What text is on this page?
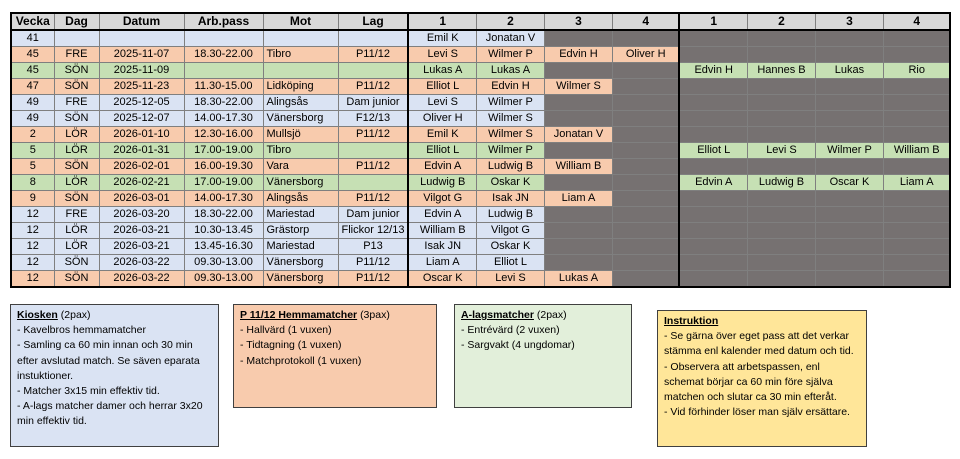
Vecka	Dag	Datum	Arb.pass	Mot	Lag	1	2	3	4	1	2	3	4
41						Emil K	Jonatan V						
45	FRE	2025-11-07	18.30-22.00	Tibro	P11/12	Levi S	Wilmer P	Edvin H	Oliver H				
45	SÖN	2025-11-09				Lukas A	Lukas A			Edvin H	Hannes B	Lukas	Rio
47	SÖN	2025-11-23	11.30-15.00	Lidköping	P11/12	Elliot L	Edvin H	Wilmer S					
49	FRE	2025-12-05	18.30-22.00	Alingsås	Dam junior	Levi S	Wilmer P						
49	SÖN	2025-12-07	14.00-17.30	Vänersborg	F12/13	Oliver H	Wilmer S						
2	LÖR	2026-01-10	12.30-16.00	Mullsjö	P11/12	Emil K	Wilmer S	Jonatan V					
5	LÖR	2026-01-31	17.00-19.00	Tibro		Elliot L	Wilmer P			Elliot L	Levi S	Wilmer P	William B
5	SÖN	2026-02-01	16.00-19.30	Vara	P11/12	Edvin A	Ludwig B	William B					
8	LÖR	2026-02-21	17.00-19.00	Vänersborg		Ludwig B	Oskar K			Edvin A	Ludwig B	Oscar K	Liam A
9	SÖN	2026-03-01	14.00-17.30	Alingsås	P11/12	Vilgot G	Isak JN	Liam A					
12	FRE	2026-03-20	18.30-22.00	Mariestad	Dam junior	Edvin A	Ludwig B						
12	LÖR	2026-03-21	10.30-13.45	Grästorp	Flickor 12/13	William B	Vilgot G						
12	LÖR	2026-03-21	13.45-16.30	Mariestad	P13	Isak JN	Oskar K						
12	SÖN	2026-03-22	09.30-13.00	Vänersborg	P11/12	Liam A	Elliot L						
12	SÖN	2026-03-22	09.30-13.00	Vänersborg	P11/12	Oscar K	Levi S	Lukas A					
Kiosken (2pax)
- Kavelbros hemmamatcher
- Samling ca 60 min innan och 30 min efter avslutad match. Se säven eparata instuktioner.
- Matcher 3x15 min effektiv tid.
- A-lags matcher damer och herrar 3x20 min effektiv tid.
P 11/12 Hemmamatcher (3pax)
- Hallvärd (1 vuxen)
- Tidtagning (1 vuxen)
- Matchprotokoll (1 vuxen)
A-lagsmatcher (2pax)
- Entrévärd (2 vuxen)
- Sargvakt (4 ungdomar)
Instruktion
- Se gärna över eget pass att det verkar stämma enl kalender med datum och tid.
- Observera att arbetspassen, enl schemat börjar ca 60 min före själva matchen och slutar ca 30 min efteråt.
- Vid förhinder löser man själv ersättare.
